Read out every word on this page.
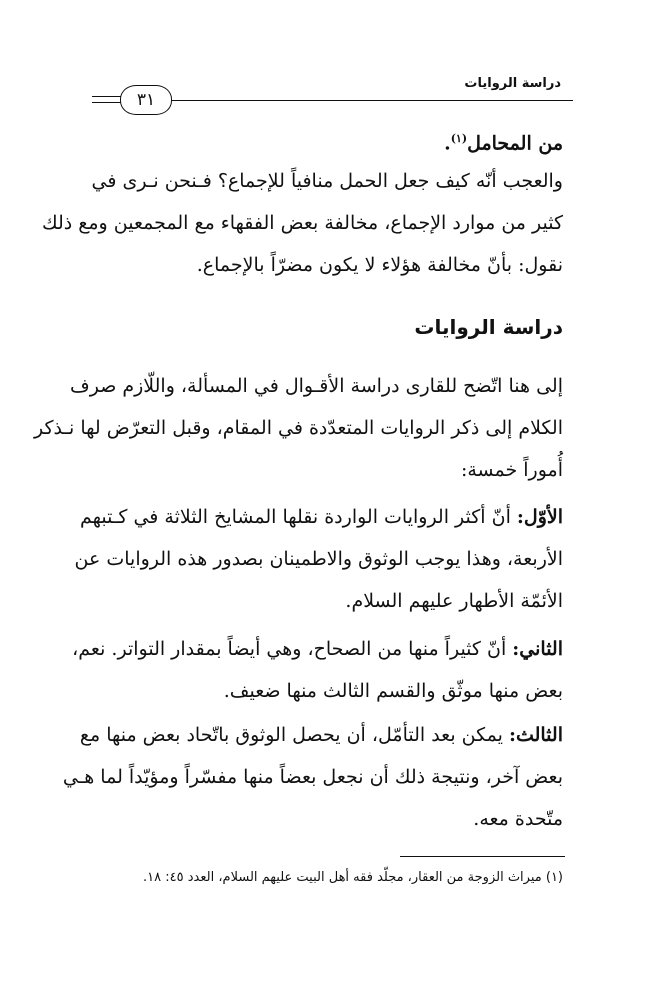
دراسة الروايات
٣١
من المحامل$^{(١)}$.
والعجب أنّه كيف جعل الحمل منافياً للإجماع؟ فـنحن نـرى في
كثير من موارد الإجماع، مخالفة بعض الفقهاء مع المجمعين ومع ذلك
نقول: بأنّ مخالفة هؤلاء لا يكون مضرّاً بالإجماع.
دراسة الروايات
إلى هنا اتّضح للقارى دراسة الأقـوال في المسألة، واللّازم صرف
الكلام إلى ذكر الروايات المتعدّدة في المقام، وقبل التعرّض لها نـذكر
أُموراً خمسة:
الأوّل: أنّ أكثر الروايات الواردة نقلها المشايخ الثلاثة في كـتبهم
الأربعة، وهذا يوجب الوثوق والاطمينان بصدور هذه الروايات عن
الأئمّة الأطهار عليهم السلام.
الثاني: أنّ كثيراً منها من الصحاح، وهي أيضاً بمقدار التواتر. نعم،
بعض منها موثّق والقسم الثالث منها ضعيف.
الثالث: يمكن بعد التأمّل، أن يحصل الوثوق باتّحاد بعض منها مع
بعض آخر، ونتيجة ذلك أن نجعل بعضاً منها مفسّراً ومؤيّداً لما هـي
متّحدة معه.
(١) ميراث الزوجة من العقار، مجلّد فقه أهل البيت عليهم السلام، العدد ٤٥: ١٨.
